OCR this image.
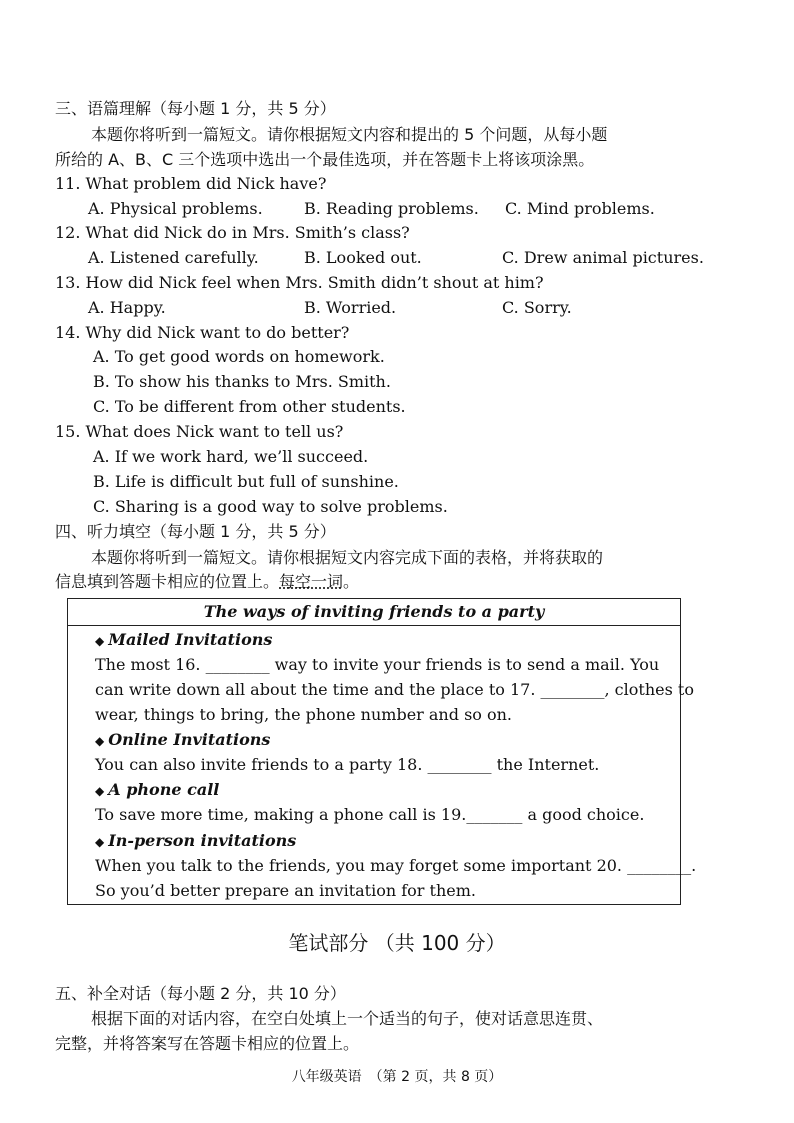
三、语篇理解（每小题 1 分，共 5 分）
本题你将听到一篇短文。请你根据短文内容和提出的 5 个问题，从每小题
所给的 A、B、C 三个选项中选出一个最佳选项，并在答题卡上将该项涂黑。
11. What problem did Nick have?
A. Physical problems.	B. Reading problems. C. Mind problems.
12. What did Nick do in Mrs. Smith’s class?
A. Listened carefully.	B. Looked out.	C. Drew animal pictures.
13. How did Nick feel when Mrs. Smith didn’t shout at him?
A. Happy.	B. Worried.	C. Sorry.
14. Why did Nick want to do better?
A. To get good words on homework.
B. To show his thanks to Mrs. Smith.
C. To be different from other students.
15. What does Nick want to tell us?
A. If we work hard, we’ll succeed.
B. Life is difficult but full of sunshine.
C. Sharing is a good way to solve problems.
四、听力填空（每小题 1 分，共 5 分）
本题你将听到一篇短文。请你根据短文内容完成下面的表格，并将获取的
信息填到答题卡相应的位置上。每空一词。
The ways of inviting friends to a party
◆ Mailed Invitations
The most 16. ________ way to invite your friends is to send a mail. You
can write down all about the time and the place to 17. ________, clothes to
wear, things to bring, the phone number and so on.
◆ Online Invitations
You can also invite friends to a party 18. ________ the Internet.
◆ A phone call
To save more time, making a phone call is 19._______ a good choice.
◆ In-person invitations
When you talk to the friends, you may forget some important 20. ________.
So you’d better prepare an invitation for them.
笔试部分 （共 100 分）
五、补全对话（每小题 2 分，共 10 分）
根据下面的对话内容，在空白处填上一个适当的句子，使对话意思连贯、
完整，并将答案写在答题卡相应的位置上。
八年级英语　（第 2 页，共 8 页）
